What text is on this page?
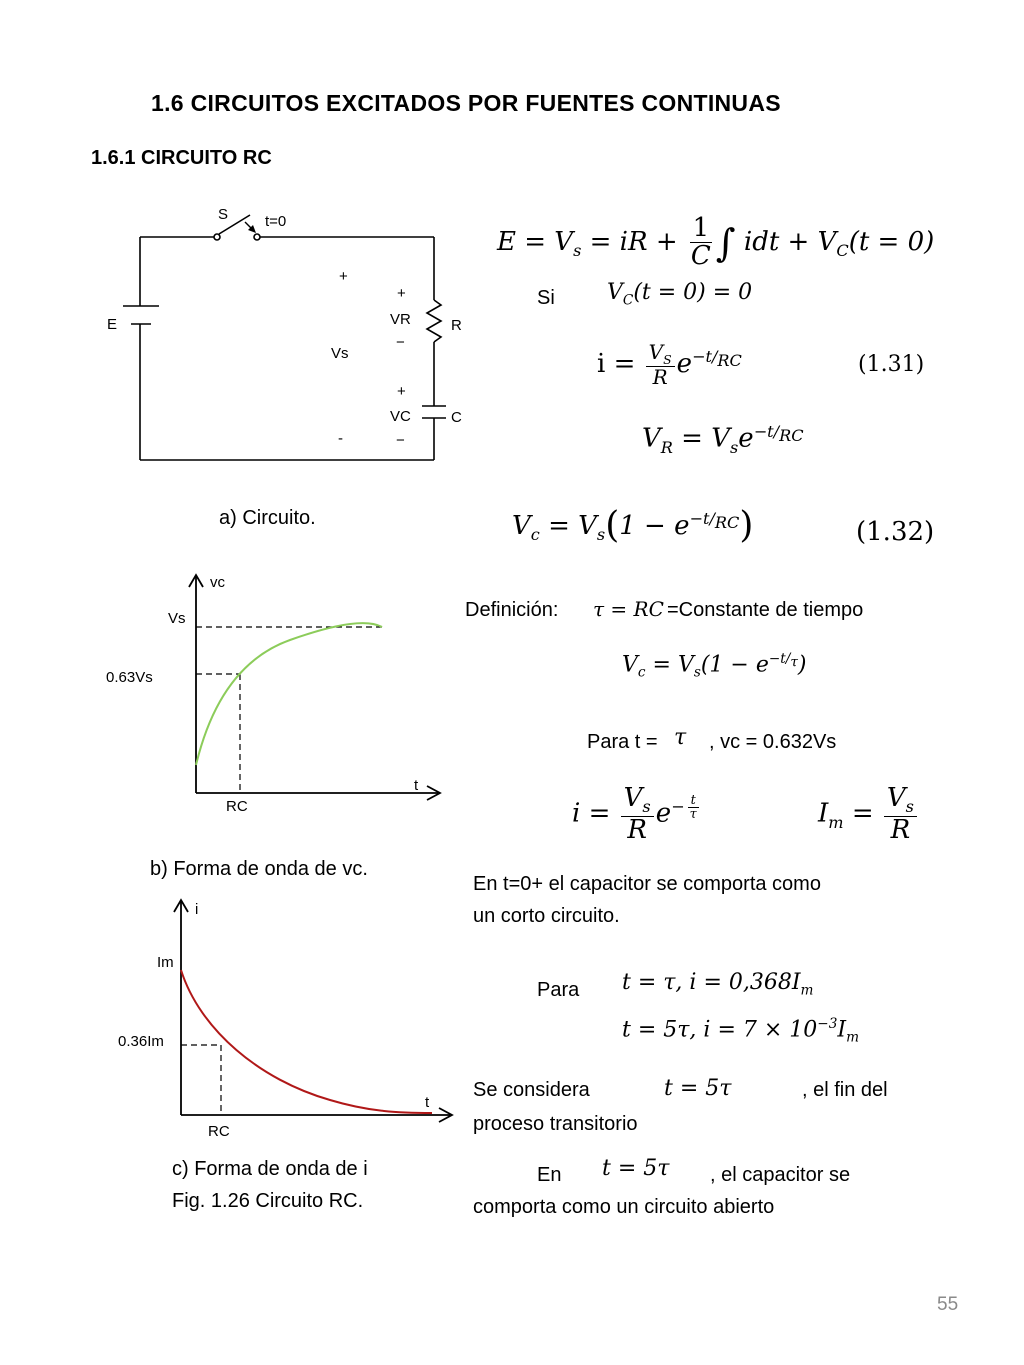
1.6 CIRCUITOS EXCITADOS POR FUENTES CONTINUAS
1.6.1 CIRCUITO RC
S t=0
E
+
Vs
-
+
VR
−
R
+
VC
−
C
a) Circuito.
vc
Vs
0.63Vs
t
RC
b) Forma de onda de vc.
i
Im
0.36Im
t
RC
c) Forma de onda de i
Fig. 1.26 Circuito RC.
$E = V_s$ = iR + $\frac{1}{C}$ ∫ idt + $V_C(t = 0)$
Si $V_C(t = 0) = 0$
$i = \frac{V_S}{R} e^{-t/_{RC}}$	(1.31)
$V_R = V_se^{-t/_{RC}}$
$V_c = V_s(1 - e^{-t/_{RC}})$	(1.32)
Definición: τ = RC =Constante de tiempo
$V_c = V_s(1 - e^{-t/_\tau})$
Para t = τ , vc = 0.632Vs
$i = \frac{V_s}{R} e^{- \frac{t}{\tau}}$	$I_m = \frac{V_s}{R}$
En t=0+ el capacitor se comporta como
un corto circuito.
Para t = τ, $i = 0,368I_m$
t = 5τ, $i = 7 \times 10^{-3}I_m$
Se considera	t = 5τ	, el fin del
proceso transitorio
En t = 5τ , el capacitor se
comporta como un circuito abierto
55
